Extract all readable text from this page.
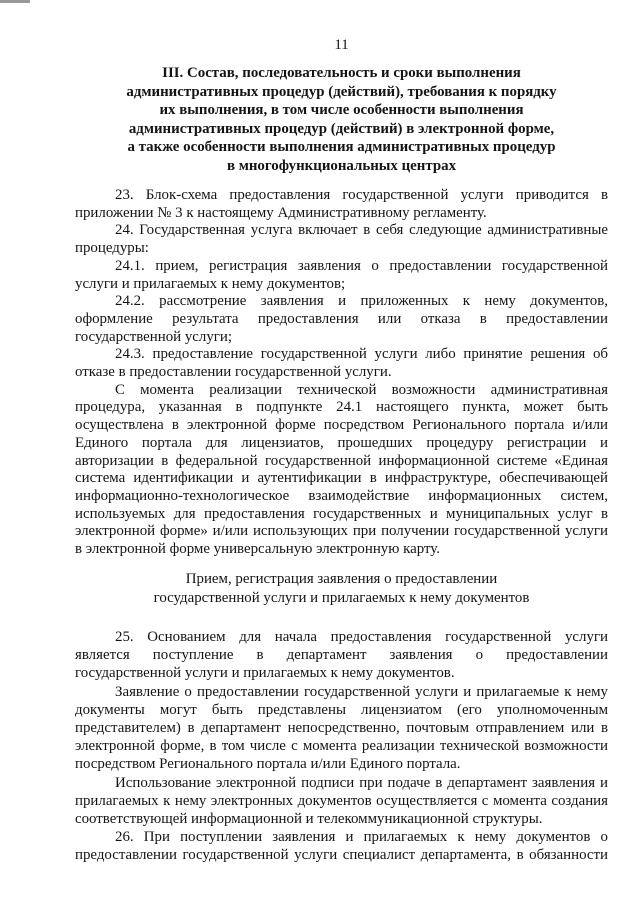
11
III. Состав, последовательность и сроки выполнения
административных процедур (действий), требования к порядку
их выполнения, в том числе особенности выполнения
административных процедур (действий) в электронной форме,
а также особенности выполнения административных процедур
в многофункциональных центрах
23. Блок-схема предоставления государственной услуги приводится в
приложении № 3 к настоящему Административному регламенту.
24. Государственная услуга включает в себя следующие административные
процедуры:
24.1. прием, регистрация заявления о предоставлении государственной
услуги и прилагаемых к нему документов;
24.2. рассмотрение заявления и приложенных к нему документов,
оформление результата предоставления или отказа в предоставлении
государственной услуги;
24.3. предоставление государственной услуги либо принятие решения об
отказе в предоставлении государственной услуги.
С момента реализации технической возможности административная
процедура, указанная в подпункте 24.1 настоящего пункта, может быть
осуществлена в электронной форме посредством Регионального портала и/или
Единого портала для лицензиатов, прошедших процедуру регистрации и
авторизации в федеральной государственной информационной системе «Единая
система идентификации и аутентификации в инфраструктуре, обеспечивающей
информационно-технологическое взаимодействие информационных систем,
используемых для предоставления государственных и муниципальных услуг в
электронной форме» и/или использующих при получении государственной услуги
в электронной форме универсальную электронную карту.
Прием, регистрация заявления о предоставлении
государственной услуги и прилагаемых к нему документов
25. Основанием для начала предоставления государственной услуги
является поступление в департамент заявления о предоставлении
государственной услуги и прилагаемых к нему документов.
Заявление о предоставлении государственной услуги и прилагаемые к нему
документы могут быть представлены лицензиатом (его уполномоченным
представителем) в департамент непосредственно, почтовым отправлением или в
электронной форме, в том числе с момента реализации технической возможности
посредством Регионального портала и/или Единого портала.
Использование электронной подписи при подаче в департамент заявления и
прилагаемых к нему электронных документов осуществляется с момента создания
соответствующей информационной и телекоммуникационной структуры.
26. При поступлении заявления и прилагаемых к нему документов о
предоставлении государственной услуги специалист департамента, в обязанности
